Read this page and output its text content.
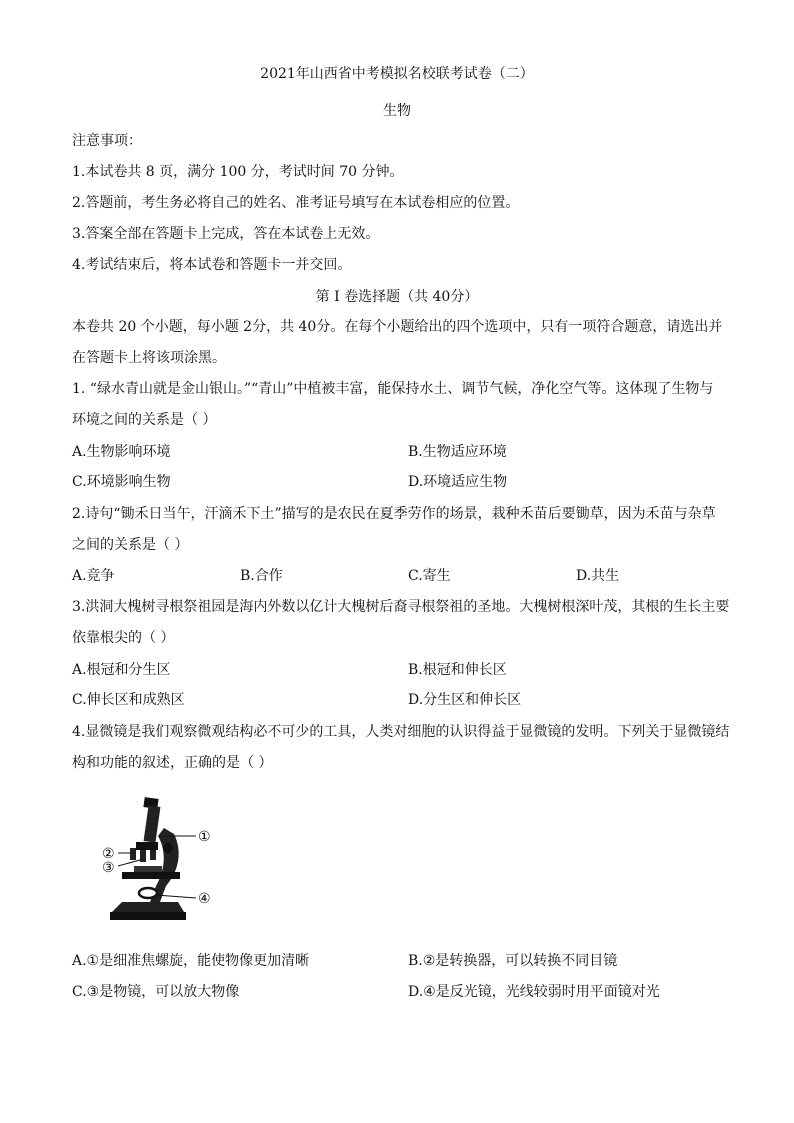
2021年山西省中考模拟名校联考试卷（二）
生物
注意事项：
1.本试卷共 8 页，满分 100 分，考试时间 70 分钟。
2.答题前，考生务必将自己的姓名、准考证号填写在本试卷相应的位置。
3.答案全部在答题卡上完成，答在本试卷上无效。
4.考试结束后，将本试卷和答题卡一并交回。
第 I 卷选择题（共 40分）
本卷共 20 个小题，每小题 2分，共 40分。在每个小题给出的四个选项中，只有一项符合题意，请选出并
在答题卡上将该项涂黑。
1. “绿水青山就是金山银山。”“青山”中植被丰富，能保持水土、调节气候，净化空气等。这体现了生物与
环境之间的关系是（ ）
A.生物影响环境	B.生物适应环境
C.环境影响生物	D.环境适应生物
2.诗句“锄禾日当午，汗滴禾下土”描写的是农民在夏季劳作的场景，栽种禾苗后要锄草，因为禾苗与杂草
之间的关系是（ ）
A.竞争	B.合作	C.寄生	D.共生
3.洪洞大槐树寻根祭祖园是海内外数以亿计大槐树后裔寻根祭祖的圣地。大槐树根深叶茂，其根的生长主要
依靠根尖的（ ）
A.根冠和分生区	B.根冠和伸长区
C.伸长区和成熟区	D.分生区和伸长区
4.显微镜是我们观察微观结构必不可少的工具，人类对细胞的认识得益于显微镜的发明。下列关于显微镜结
构和功能的叙述，正确的是（ ）
①
②
③
④
A.①是细准焦螺旋，能使物像更加清晰	B.②是转换器，可以转换不同目镜
C.③是物镜，可以放大物像	D.④是反光镜，光线较弱时用平面镜对光
